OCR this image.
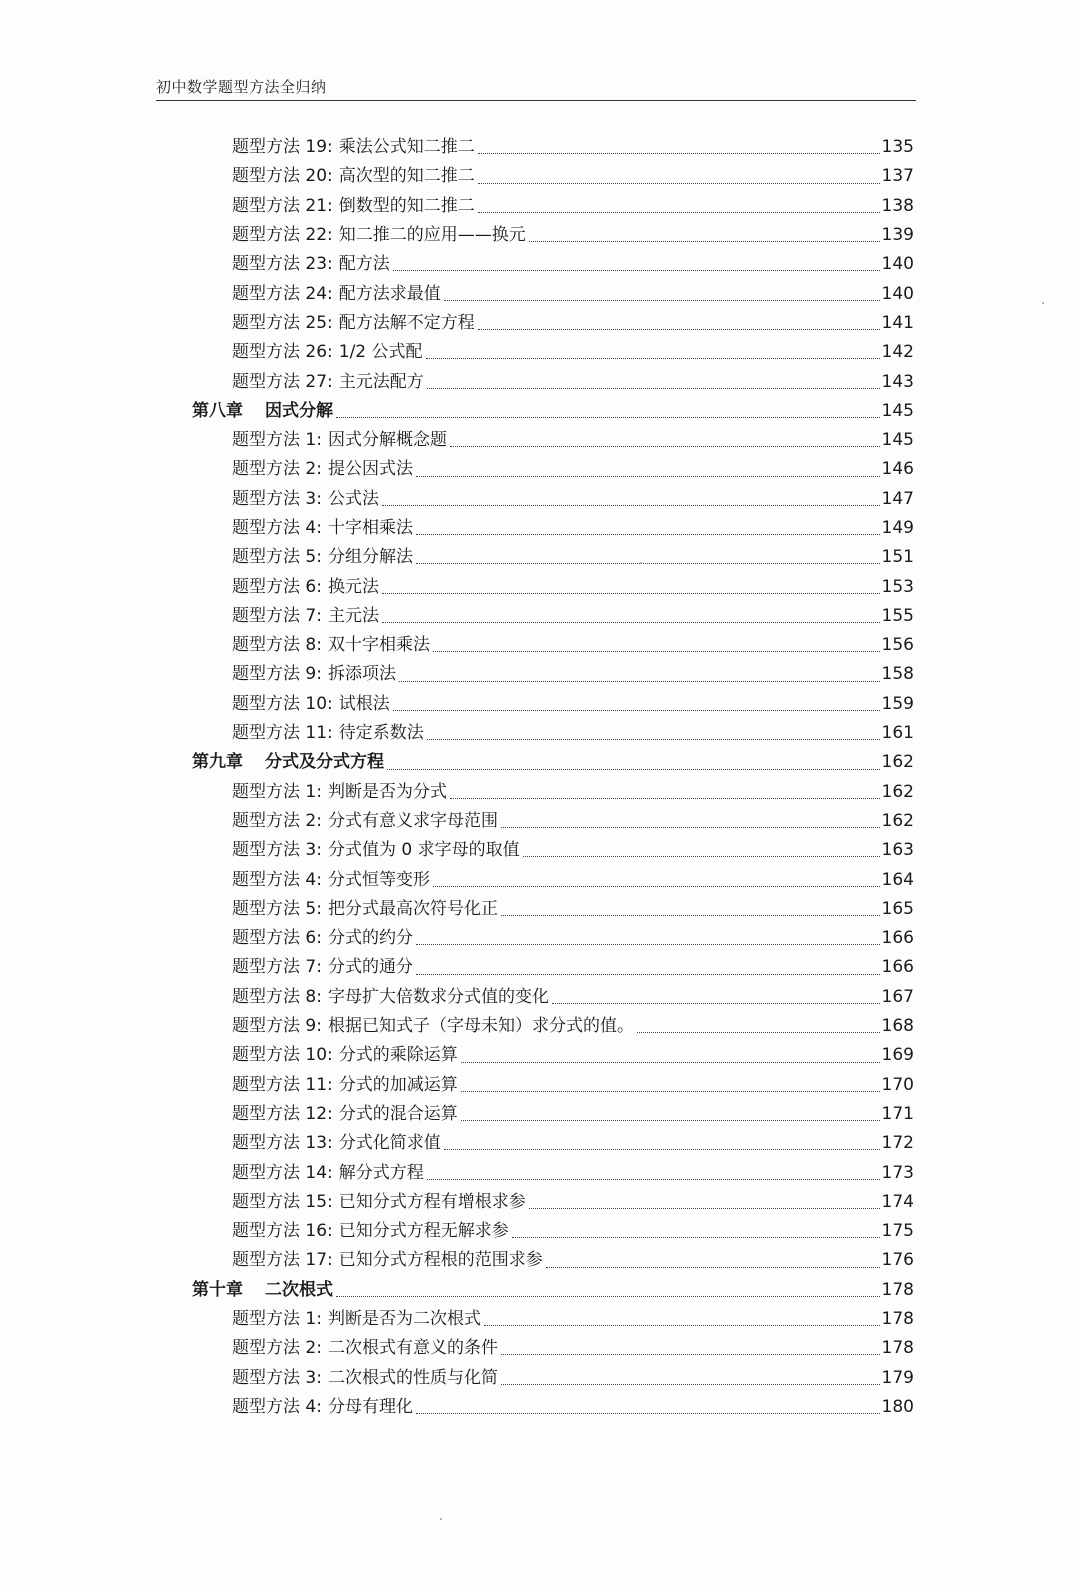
初中数学题型方法全归纳
题型方法 19: 乘法公式知二推二	135
题型方法 20: 高次型的知二推二	137
题型方法 21: 倒数型的知二推二	138
题型方法 22: 知二推二的应用——换元	139
题型方法 23: 配方法	140
题型方法 24: 配方法求最值	140
题型方法 25: 配方法解不定方程	141
题型方法 26: 1/2 公式配	142
题型方法 27: 主元法配方	143
第八章 因式分解	145
题型方法 1: 因式分解概念题	145
题型方法 2: 提公因式法	146
题型方法 3: 公式法	147
题型方法 4: 十字相乘法	149
题型方法 5: 分组分解法	151
题型方法 6: 换元法	153
题型方法 7: 主元法	155
题型方法 8: 双十字相乘法	156
题型方法 9: 拆添项法	158
题型方法 10: 试根法	159
题型方法 11: 待定系数法	161
第九章 分式及分式方程	162
题型方法 1: 判断是否为分式	162
题型方法 2: 分式有意义求字母范围	162
题型方法 3: 分式值为 0 求字母的取值	163
题型方法 4: 分式恒等变形	164
题型方法 5: 把分式最高次符号化正	165
题型方法 6: 分式的约分	166
题型方法 7: 分式的通分	166
题型方法 8: 字母扩大倍数求分式值的变化	167
题型方法 9: 根据已知式子（字母未知）求分式的值。	168
题型方法 10: 分式的乘除运算	169
题型方法 11: 分式的加减运算	170
题型方法 12: 分式的混合运算	171
题型方法 13: 分式化简求值	172
题型方法 14: 解分式方程	173
题型方法 15: 已知分式方程有增根求参	174
题型方法 16: 已知分式方程无解求参	175
题型方法 17: 已知分式方程根的范围求参	176
第十章 二次根式	178
题型方法 1: 判断是否为二次根式	178
题型方法 2: 二次根式有意义的条件	178
题型方法 3: 二次根式的性质与化简	179
题型方法 4: 分母有理化	180
